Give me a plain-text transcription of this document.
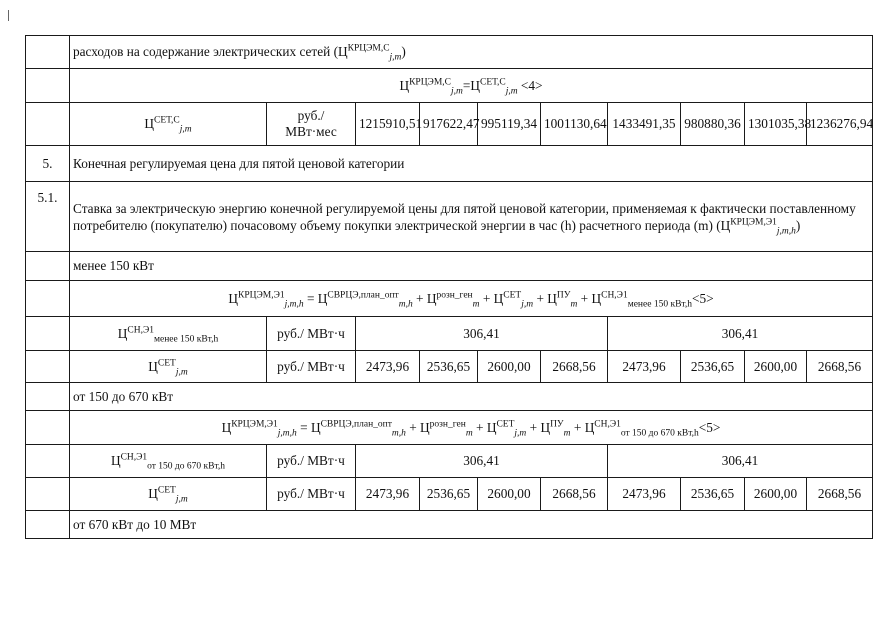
	расходов на содержание электрических сетей $(Ц^{КРЦЭМ,С}_{j,m})$									
	$Ц^{КРЦЭМ,С}_{j,m}=Ц^{СЕТ,С}_{j,m} <4>$									
	$Ц^{СЕТ,С}_{j,m}$	руб./
МВт·мес	1215910,51	917622,47	995119,34	1001130,64	1433491,35	980880,36	1301035,38	1236276,94
5.	Конечная регулируемая цена для пятой ценовой категории									
5.1.	Ставка за электрическую энергию конечной регулируемой цены для пятой ценовой категории, применяемая к фактически поставленному потребителю (покупателю) почасовому объему покупки электрической энергии в час (h) расчетного периода (m) $(Ц^{КРЦЭМ,Э1}_{j,m,h})$									
	менее 150 кВт									
	$Ц^{КРЦЭМ,Э1}_{j,m,h} = Ц^{СВРЦЭ,план\_опт}_{m,h} + Ц^{розн\_ген}_m + Ц^{СЕТ}_{j,m} + Ц^{ПУ}_m + Ц^{СН,Э1}_{менее 150 кВт,h}<5>$									
	$Ц^{СН,Э1}_{менее 150 кВт,h}$	руб./ МВт·ч	306,41				306,41			
	$Ц^{СЕТ}_{j,m}$	руб./ МВт·ч	2473,96	2536,65	2600,00	2668,56	2473,96	2536,65	2600,00	2668,56
	от 150 до 670 кВт									
	$Ц^{КРЦЭМ,Э1}_{j,m,h} = Ц^{СВРЦЭ,план\_опт}_{m,h} + Ц^{розн\_ген}_m + Ц^{СЕТ}_{j,m} + Ц^{ПУ}_m + Ц^{СН,Э1}_{от 150 до 670 кВт,h}<5>$									
	$Ц^{СН,Э1}_{от 150 до 670 кВт,h}$	руб./ МВт·ч	306,41				306,41			
	$Ц^{СЕТ}_{j,m}$	руб./ МВт·ч	2473,96	2536,65	2600,00	2668,56	2473,96	2536,65	2600,00	2668,56
	от 670 кВт до 10 МВт									
